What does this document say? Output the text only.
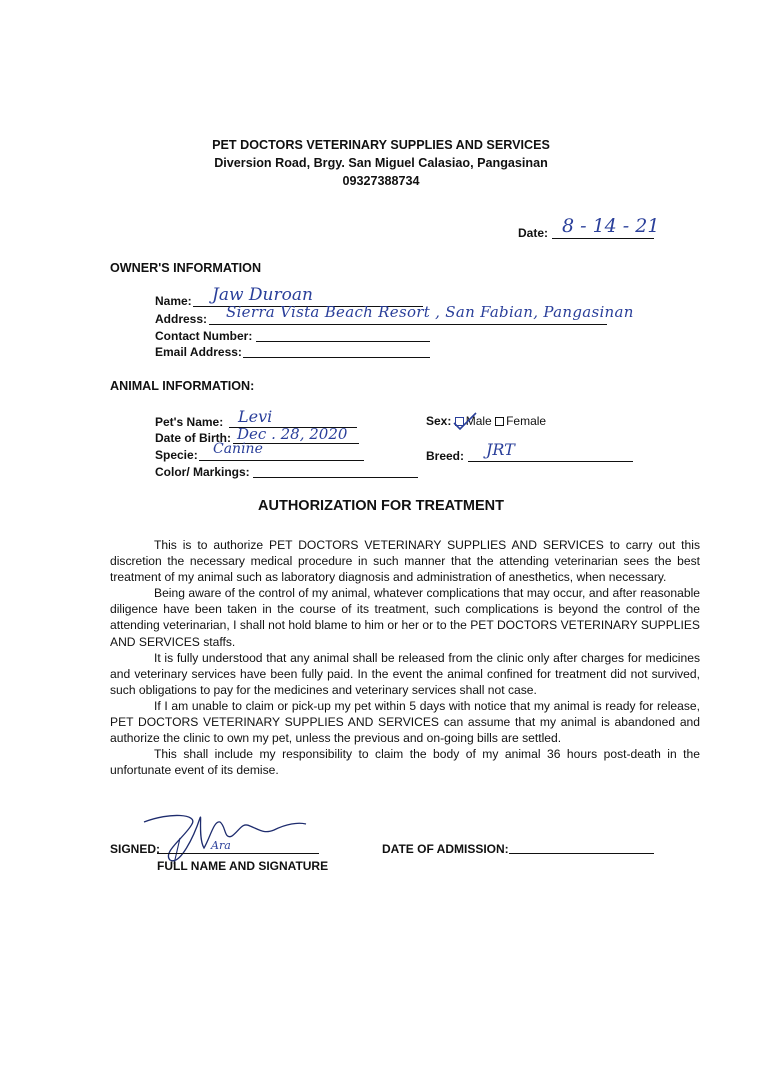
PET DOCTORS VETERINARY SUPPLIES AND SERVICES
Diversion Road, Brgy. San Miguel Calasiao, Pangasinan
09327388734
Date: 8 - 14 - 21
OWNER'S INFORMATION
Name: Jaw Duroan
Address: Sierra Vista Beach Resort , San Fabian, Pangasinan
Contact Number:
Email Address:
ANIMAL INFORMATION:
Pet's Name: Levi
Date of Birth: Dec . 28, 2020
Specie: Canine
Color/ Markings:
Sex: Male Female
Breed: JRT
AUTHORIZATION FOR TREATMENT

This is to authorize PET DOCTORS VETERINARY SUPPLIES AND SERVICES to carry out this discretion the necessary medical procedure in such manner that the attending veterinarian sees the best treatment of my animal such as laboratory diagnosis and administration of anesthetics, when necessary.

Being aware of the control of my animal, whatever complications that may occur, and after reasonable diligence have been taken in the course of its treatment, such complications is beyond the control of the attending veterinarian, I shall not hold blame to him or her or to the PET DOCTORS VETERINARY SUPPLIES AND SERVICES staffs.

It is fully understood that any animal shall be released from the clinic only after charges for medicines and veterinary services have been fully paid. In the event the animal confined for treatment did not survived, such obligations to pay for the medicines and veterinary services shall not case.

If I am unable to claim or pick-up my pet within 5 days with notice that my animal is ready for release, PET DOCTORS VETERINARY SUPPLIES AND SERVICES can assume that my animal is abandoned and authorize the clinic to own my pet, unless the previous and on-going bills are settled.

This shall include my responsibility to claim the body of my animal 36 hours post-death in the unfortunate event of its demise.

Ara
SIGNED:
FULL NAME AND SIGNATURE
DATE OF ADMISSION:
